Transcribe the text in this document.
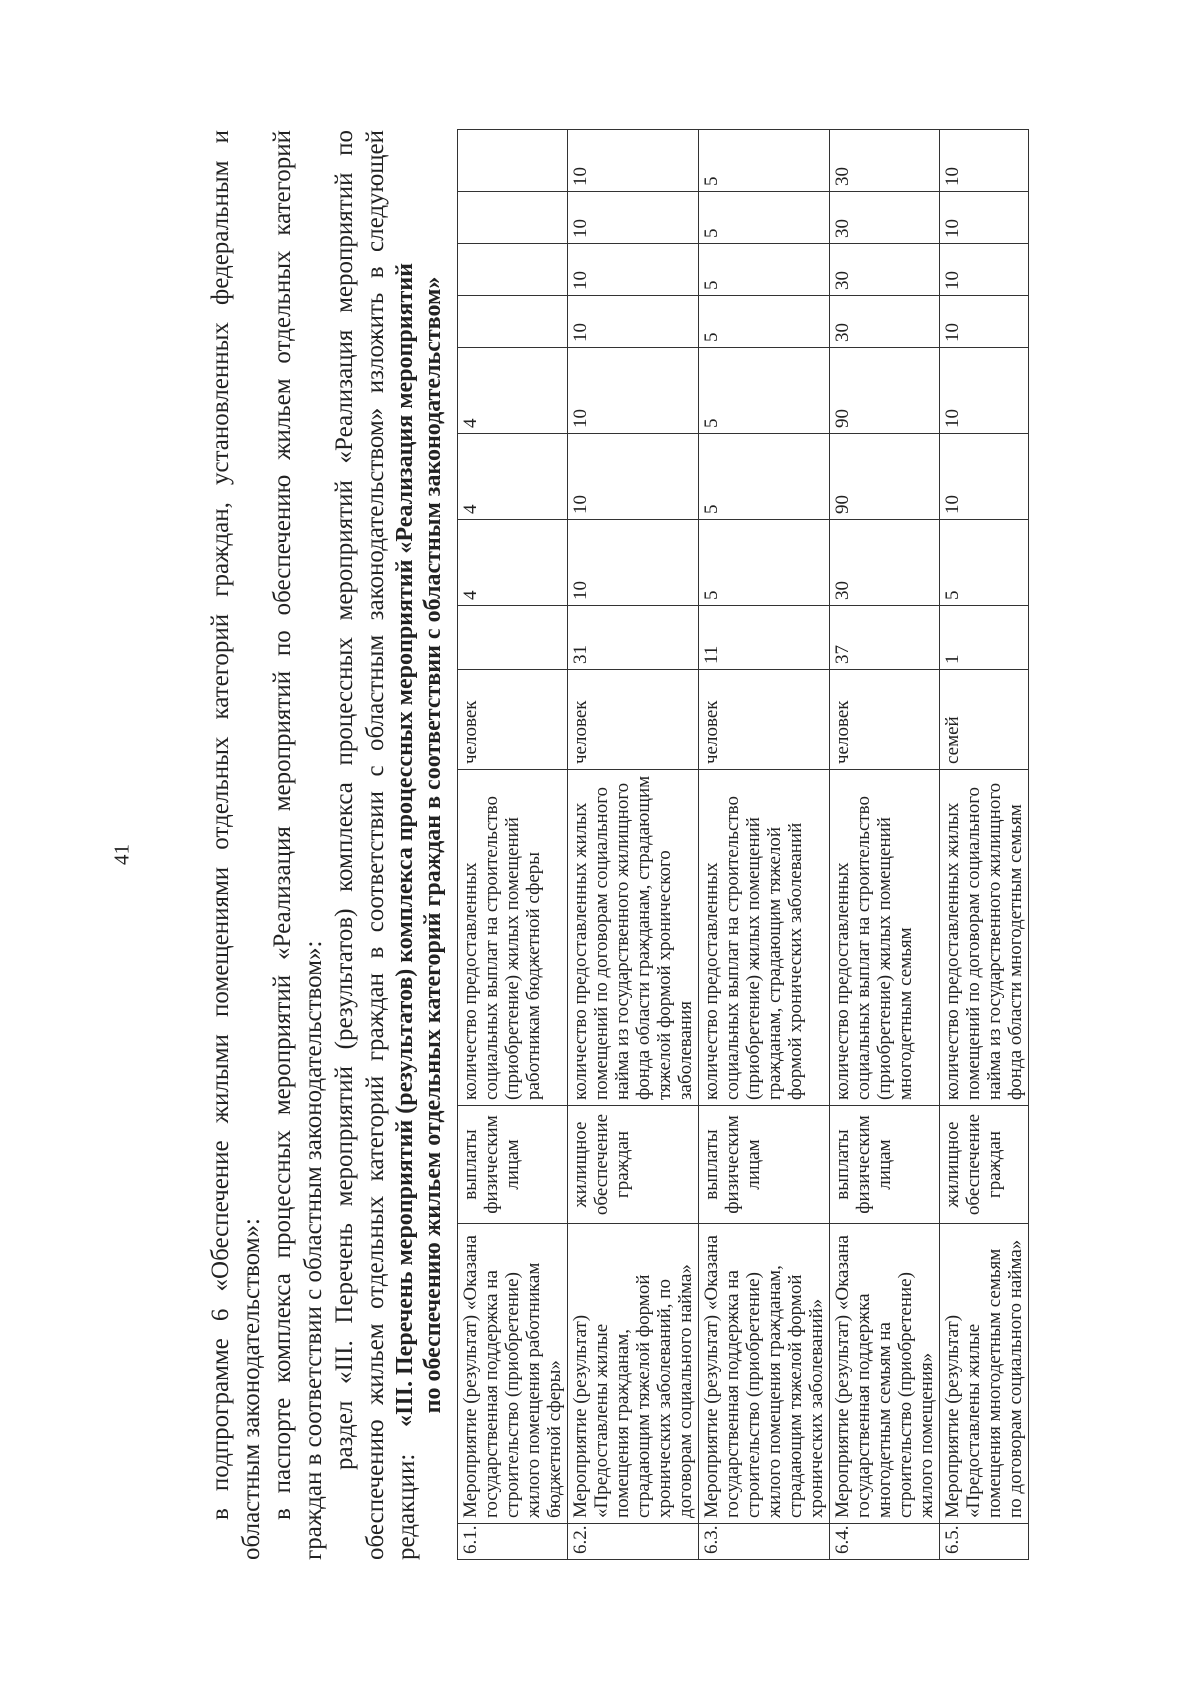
41	в подпрограмме 6 «Обеспечение жилыми помещениями отдельных категорий граждан, установленных федеральным и областным законодательством»: в паспорте комплекса процессных мероприятий «Реализация мероприятий по обеспечению жильем отдельных категорий граждан в соответствии с областным законодательством»: раздел «III. Перечень мероприятий (результатов) комплекса процессных мероприятий «Реализация мероприятий по обеспечению жильем отдельных категорий граждан в соответствии с областным законодательством» изложить в следующей редакции:

«III. Перечень мероприятий (результатов) комплекса процессных мероприятий «Реализация мероприятий по обеспечению жильем отдельных категорий граждан в соответствии с областным законодательством»
6.1.	Мероприятие (результат) «Оказана государственная поддержка на строительство (приобретение) жилого помещения работникам бюджетной сферы»	выплаты физическим лицам	количество предоставленных социальных выплат на строительство (приобретение) жилых помещений работникам бюджетной сферы	человек		4	4	4				
6.2.	Мероприятие (результат) «Предоставлены жилые помещения гражданам, страдающим тяжелой формой хронических заболеваний, по договорам социального найма»	жилищное обеспечение граждан	количество предоставленных жилых помещений по договорам социального найма из государственного жилищного фонда области гражданам, страдающим тяжелой формой хронического заболевания	человек	31	10	10	10	10	10	10	10
6.3.	Мероприятие (результат) «Оказана государственная поддержка на строительство (приобретение) жилого помещения гражданам, страдающим тяжелой формой хронических заболеваний»	выплаты физическим лицам	количество предоставленных социальных выплат на строительство (приобретение) жилых помещений гражданам, страдающим тяжелой формой хронических заболеваний	человек	11	5	5	5	5	5	5	5
6.4.	Мероприятие (результат) «Оказана государственная поддержка многодетным семьям на строительство (приобретение) жилого помещения»	выплаты физическим лицам	количество предоставленных социальных выплат на строительство (приобретение) жилых помещений многодетным семьям	человек	37	30	90	90	30	30	30	30
6.5.	Мероприятие (результат) «Предоставлены жилые помещения многодетным семьям по договорам социального найма»	жилищное обеспечение граждан	количество предоставленных жилых помещений по договорам социального найма из государственного жилищного фонда области многодетным семьям	семей	1	5	10	10	10	10	10	10
